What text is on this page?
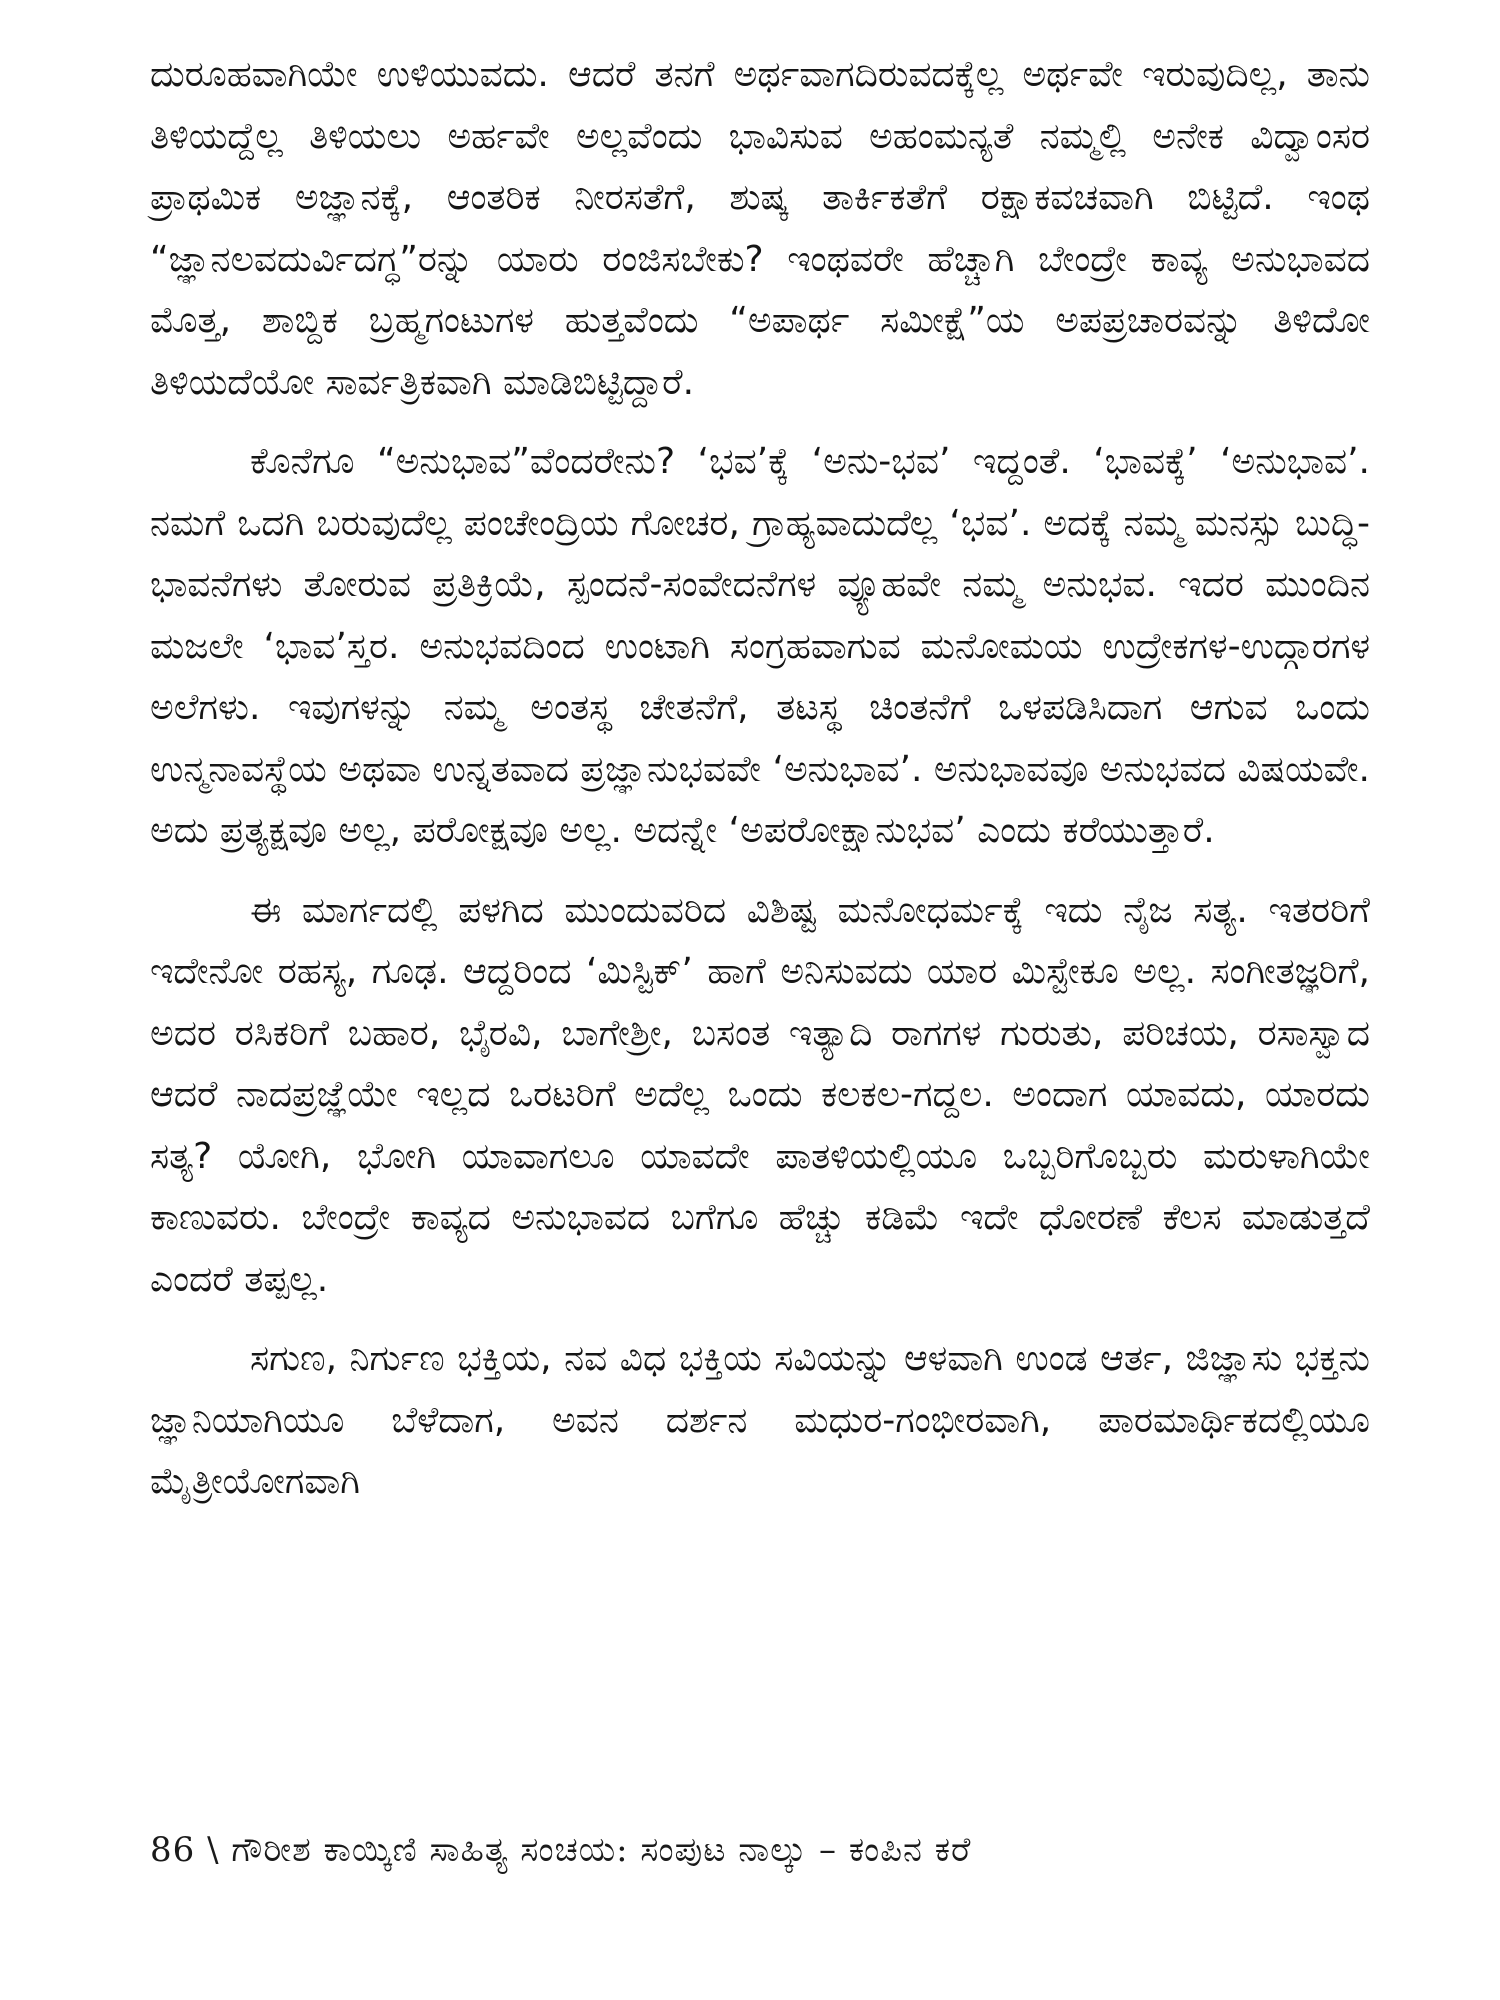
ದುರೂಹವಾಗಿಯೇ ಉಳಿಯುವದು. ಆದರೆ ತನಗೆ ಅರ್ಥವಾಗದಿರುವದಕ್ಕೆಲ್ಲ ಅರ್ಥವೇ ಇರುವುದಿಲ್ಲ, ತಾನು ತಿಳಿಯದ್ದೆಲ್ಲ ತಿಳಿಯಲು ಅರ್ಹವೇ ಅಲ್ಲವೆಂದು ಭಾವಿಸುವ ಅಹಂಮನ್ಯತೆ ನಮ್ಮಲ್ಲಿ ಅನೇಕ ವಿದ್ವಾಂಸರ ಪ್ರಾಥಮಿಕ ಅಜ್ಞಾನಕ್ಕೆ, ಆಂತರಿಕ ನೀರಸತೆಗೆ, ಶುಷ್ಕ ತಾರ್ಕಿಕತೆಗೆ ರಕ್ಷಾಕವಚವಾಗಿ ಬಿಟ್ಟಿದೆ. ಇಂಥ “ಜ್ಞಾನಲವದುರ್ವಿದಗ್ಧ”ರನ್ನು ಯಾರು ರಂಜಿಸಬೇಕು? ಇಂಥವರೇ ಹೆಚ್ಚಾಗಿ ಬೇಂದ್ರೇ ಕಾವ್ಯ ಅನುಭಾವದ ಮೊತ್ತ, ಶಾಬ್ದಿಕ ಬ್ರಹ್ಮಗಂಟುಗಳ ಹುತ್ತವೆಂದು “ಅಪಾರ್ಥ ಸಮೀಕ್ಷೆ”ಯ ಅಪಪ್ರಚಾರವನ್ನು ತಿಳಿದೋ ತಿಳಿಯದೆಯೋ ಸಾರ್ವತ್ರಿಕವಾಗಿ ಮಾಡಿಬಿಟ್ಟಿದ್ದಾರೆ.

ಕೊನೆಗೂ “ಅನುಭಾವ”ವೆಂದರೇನು? ‘ಭವ’ಕ್ಕೆ ‘ಅನು-ಭವ’ ಇದ್ದಂತೆ. ‘ಭಾವಕ್ಕೆ’ ‘ಅನುಭಾವ’. ನಮಗೆ ಒದಗಿ ಬರುವುದೆಲ್ಲ ಪಂಚೇಂದ್ರಿಯ ಗೋಚರ, ಗ್ರಾಹ್ಯವಾದುದೆಲ್ಲ ‘ಭವ’. ಅದಕ್ಕೆ ನಮ್ಮ ಮನಸ್ಸು ಬುದ್ಧಿ-ಭಾವನೆಗಳು ತೋರುವ ಪ್ರತಿಕ್ರಿಯೆ, ಸ್ಪಂದನೆ-ಸಂವೇದನೆಗಳ ವ್ಯೂಹವೇ ನಮ್ಮ ಅನುಭವ. ಇದರ ಮುಂದಿನ ಮಜಲೇ ‘ಭಾವ’ಸ್ತರ. ಅನುಭವದಿಂದ ಉಂಟಾಗಿ ಸಂಗ್ರಹವಾಗುವ ಮನೋಮಯ ಉದ್ರೇಕಗಳ-ಉದ್ಗಾರಗಳ ಅಲೆಗಳು. ಇವುಗಳನ್ನು ನಮ್ಮ ಅಂತಸ್ಥ ಚೇತನೆಗೆ, ತಟಸ್ಥ ಚಿಂತನೆಗೆ ಒಳಪಡಿಸಿದಾಗ ಆಗುವ ಒಂದು ಉನ್ಮನಾವಸ್ಥೆಯ ಅಥವಾ ಉನ್ನತವಾದ ಪ್ರಜ್ಞಾನುಭವವೇ ‘ಅನುಭಾವ’. ಅನುಭಾವವೂ ಅನುಭವದ ವಿಷಯವೇ. ಅದು ಪ್ರತ್ಯಕ್ಷವೂ ಅಲ್ಲ, ಪರೋಕ್ಷವೂ ಅಲ್ಲ. ಅದನ್ನೇ ‘ಅಪರೋಕ್ಷಾನುಭವ’ ಎಂದು ಕರೆಯುತ್ತಾರೆ.

ಈ ಮಾರ್ಗದಲ್ಲಿ ಪಳಗಿದ ಮುಂದುವರಿದ ವಿಶಿಷ್ಟ ಮನೋಧರ್ಮಕ್ಕೆ ಇದು ನೈಜ ಸತ್ಯ. ಇತರರಿಗೆ ಇದೇನೋ ರಹಸ್ಯ, ಗೂಢ. ಆದ್ದರಿಂದ ‘ಮಿಸ್ಟಿಕ್’ ಹಾಗೆ ಅನಿಸುವದು ಯಾರ ಮಿಸ್ಟೇಕೂ ಅಲ್ಲ. ಸಂಗೀತಜ್ಞರಿಗೆ, ಅದರ ರಸಿಕರಿಗೆ ಬಹಾರ, ಭೈರವಿ, ಬಾಗೇಶ್ರೀ, ಬಸಂತ ಇತ್ಯಾದಿ ರಾಗಗಳ ಗುರುತು, ಪರಿಚಯ, ರಸಾಸ್ವಾದ ಆದರೆ ನಾದಪ್ರಜ್ಞೆಯೇ ಇಲ್ಲದ ಒರಟರಿಗೆ ಅದೆಲ್ಲ ಒಂದು ಕಲಕಲ-ಗದ್ದಲ. ಅಂದಾಗ ಯಾವದು, ಯಾರದು ಸತ್ಯ? ಯೋಗಿ, ಭೋಗಿ ಯಾವಾಗಲೂ ಯಾವದೇ ಪಾತಳಿಯಲ್ಲಿಯೂ ಒಬ್ಬರಿಗೊಬ್ಬರು ಮರುಳಾಗಿಯೇ ಕಾಣುವರು. ಬೇಂದ್ರೇ ಕಾವ್ಯದ ಅನುಭಾವದ ಬಗೆಗೂ ಹೆಚ್ಚು ಕಡಿಮೆ ಇದೇ ಧೋರಣೆ ಕೆಲಸ ಮಾಡುತ್ತದೆ ಎಂದರೆ ತಪ್ಪಲ್ಲ.

ಸಗುಣ, ನಿರ್ಗುಣ ಭಕ್ತಿಯ, ನವ ವಿಧ ಭಕ್ತಿಯ ಸವಿಯನ್ನು ಆಳವಾಗಿ ಉಂಡ ಆರ್ತ, ಜಿಜ್ಞಾಸು ಭಕ್ತನು ಜ್ಞಾನಿಯಾಗಿಯೂ ಬೆಳೆದಾಗ, ಅವನ ದರ್ಶನ ಮಧುರ-ಗಂಭೀರವಾಗಿ, ಪಾರಮಾರ್ಥಿಕದಲ್ಲಿಯೂ ಮೈತ್ರೀಯೋಗವಾಗಿ

86 \ ಗೌರೀಶ ಕಾಯ್ಕಿಣಿ ಸಾಹಿತ್ಯ ಸಂಚಯ: ಸಂಪುಟ ನಾಲ್ಕು – ಕಂಪಿನ ಕರೆ
